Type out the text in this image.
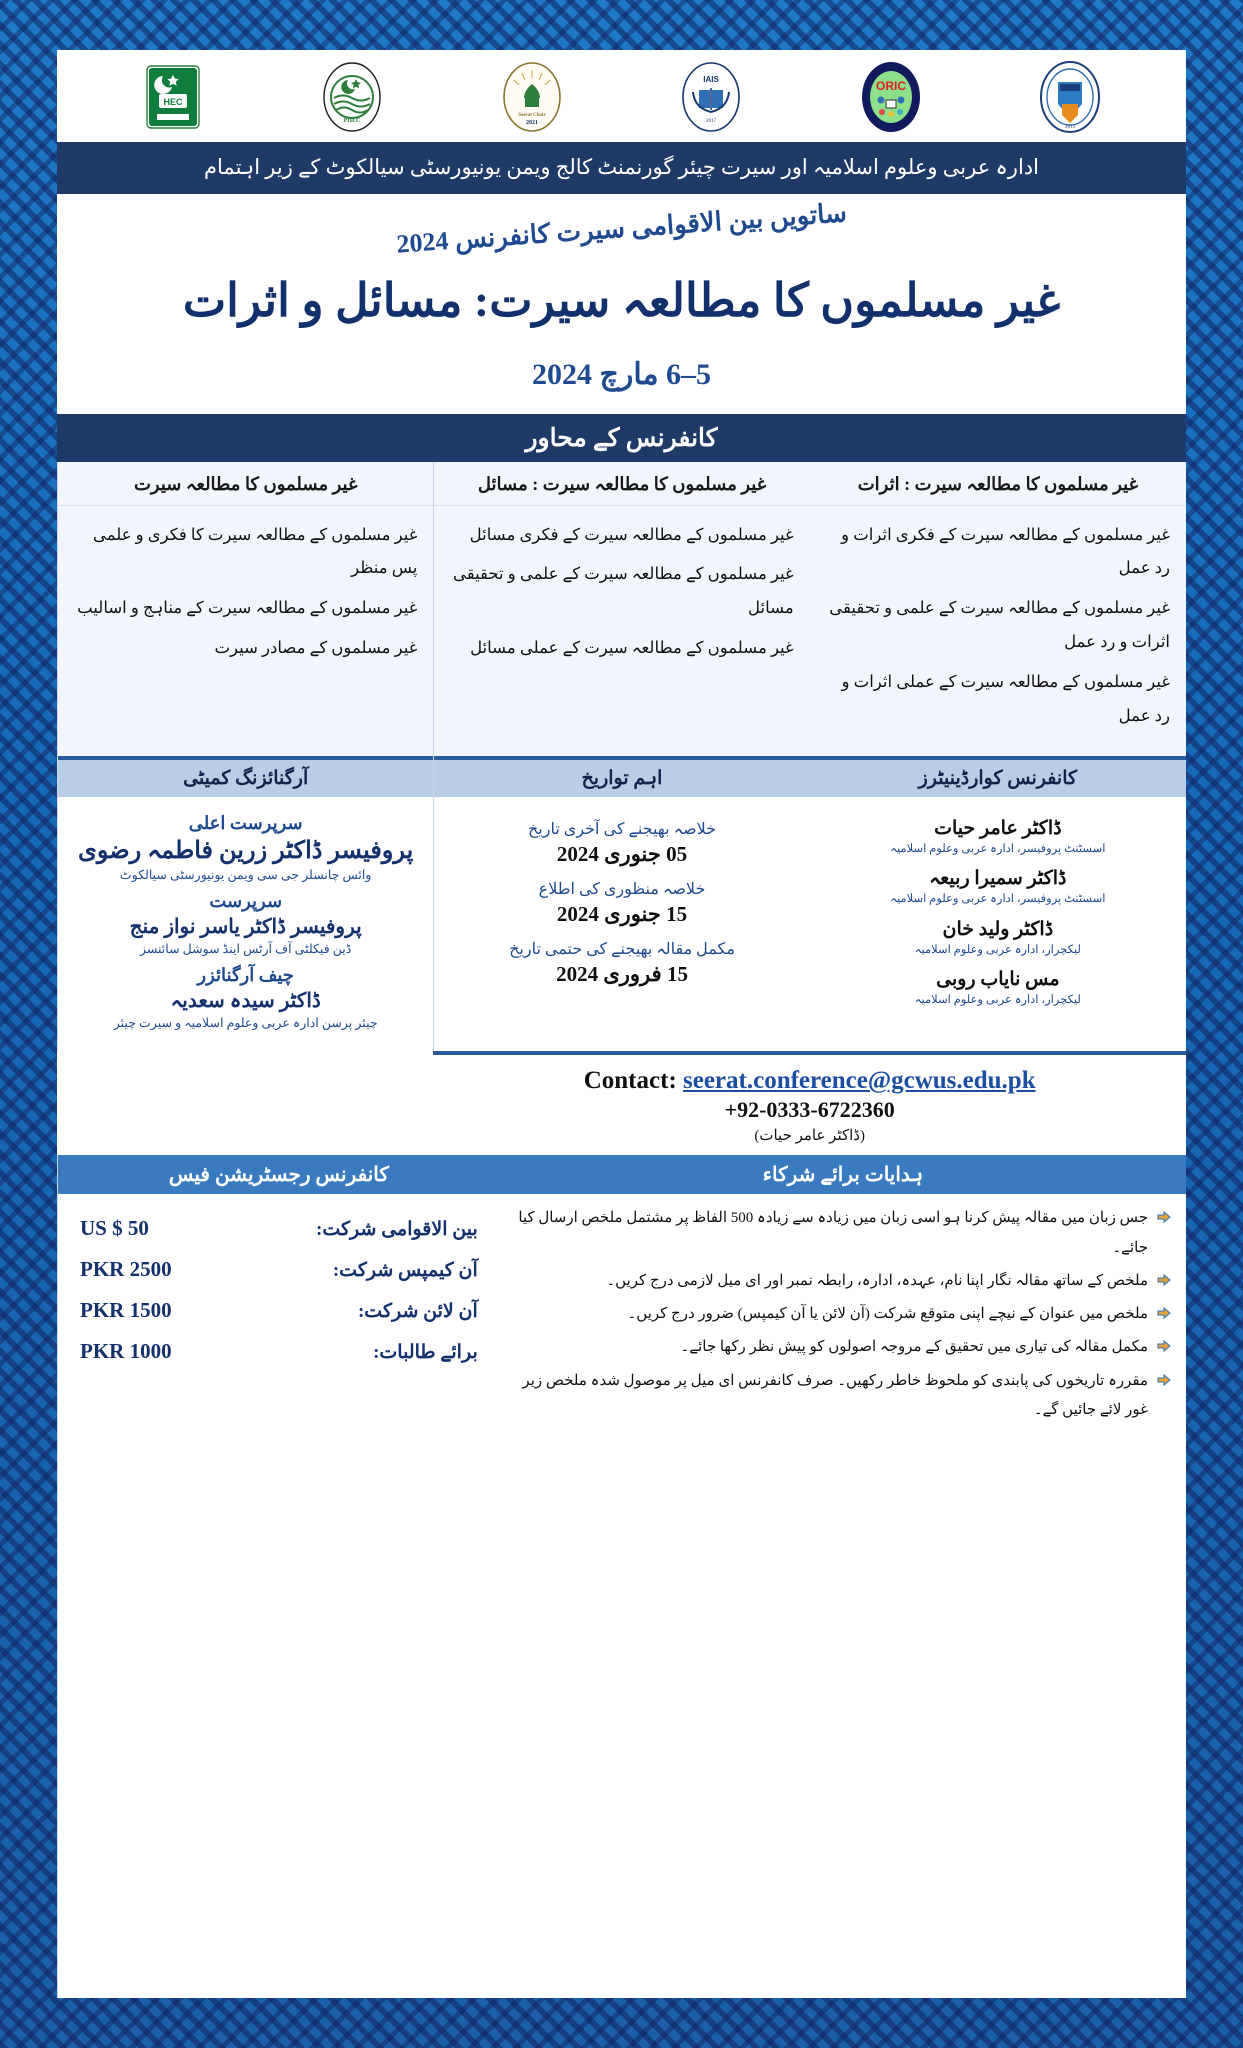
2013
ORIC
IAIS
2017
Seerat Chair
2021
PHEC
HEC
ادارہ عربی وعلوم اسلامیہ اور سیرت چیئر گورنمنٹ کالج ویمن یونیورسٹی سیالکوٹ کے زیر اہتمام
ساتویں بین الاقوامی سیرت کانفرنس 2024
غیر مسلموں کا مطالعہ سیرت: مسائل و اثرات
5–6 مارچ 2024
کانفرنس کے محاور
غیر مسلموں کا مطالعہ سیرت : اثرات
غیر مسلموں کے مطالعہ سیرت کے فکری اثرات و رد عمل
غیر مسلموں کے مطالعہ سیرت کے علمی و تحقیقی اثرات و رد عمل
غیر مسلموں کے مطالعہ سیرت کے عملی اثرات و رد عمل
غیر مسلموں کا مطالعہ سیرت : مسائل
غیر مسلموں کے مطالعہ سیرت کے فکری مسائل
غیر مسلموں کے مطالعہ سیرت کے علمی و تحقیقی مسائل
غیر مسلموں کے مطالعہ سیرت کے عملی مسائل
غیر مسلموں کا مطالعہ سیرت
غیر مسلموں کے مطالعہ سیرت کا فکری و علمی پس منظر
غیر مسلموں کے مطالعہ سیرت کے مناہج و اسالیب
غیر مسلموں کے مصادر سیرت
کانفرنس کوارڈینیٹرز
ڈاکٹر عامر حیات
اسسٹنٹ پروفیسر، ادارہ عربی وعلوم اسلامیہ
ڈاکٹر سمیرا ربیعہ
اسسٹنٹ پروفیسر، ادارہ عربی وعلوم اسلامیہ
ڈاکٹر ولید خان
لیکچرار، ادارہ عربی وعلوم اسلامیہ
مس نایاب روبی
لیکچرار، ادارہ عربی وعلوم اسلامیہ
اہم تواریخ
خلاصہ بھیجنے کی آخری تاریخ
05 جنوری 2024
خلاصہ منظوری کی اطلاع
15 جنوری 2024
مکمل مقالہ بھیجنے کی حتمی تاریخ
15 فروری 2024
آرگنائزنگ کمیٹی
سرپرست اعلی
پروفیسر ڈاکٹر زرین فاطمہ رضوی
وائس چانسلر جی سی ویمن یونیورسٹی سیالکوٹ
سرپرست
پروفیسر ڈاکٹر یاسر نواز منج
ڈین فیکلٹی آف آرٹس اینڈ سوشل سائنسز
چیف آرگنائزر
ڈاکٹر سیدہ سعدیہ
چیئر پرسن ادارہ عربی وعلوم اسلامیہ و سیرت چیئر
Contact: seerat.conference@gcwus.edu.pk
+92-0333-6722360
(ڈاکٹر عامر حیات)
ہدایات برائے شرکاء
جس زبان میں مقالہ پیش کرنا ہو اسی زبان میں زیادہ سے زیادہ 500 الفاظ پر مشتمل ملخص ارسال کیا جائے۔
ملخص کے ساتھ مقالہ نگار اپنا نام، عہدہ، ادارہ، رابطہ نمبر اور ای میل لازمی درج کریں۔
ملخص میں عنوان کے نیچے اپنی متوقع شرکت (آن لائن یا آن کیمپس) ضرور درج کریں۔
مکمل مقالہ کی تیاری میں تحقیق کے مروجہ اصولوں کو پیش نظر رکھا جائے۔
مقررہ تاریخوں کی پابندی کو ملحوظ خاطر رکھیں۔ صرف کانفرنس ای میل پر موصول شدہ ملخص زیر غور لائے جائیں گے۔
کانفرنس رجسٹریشن فیس
بین الاقوامی شرکت:
US $ 50
آن کیمپس شرکت:
PKR 2500
آن لائن شرکت:
PKR 1500
برائے طالبات:
PKR 1000
